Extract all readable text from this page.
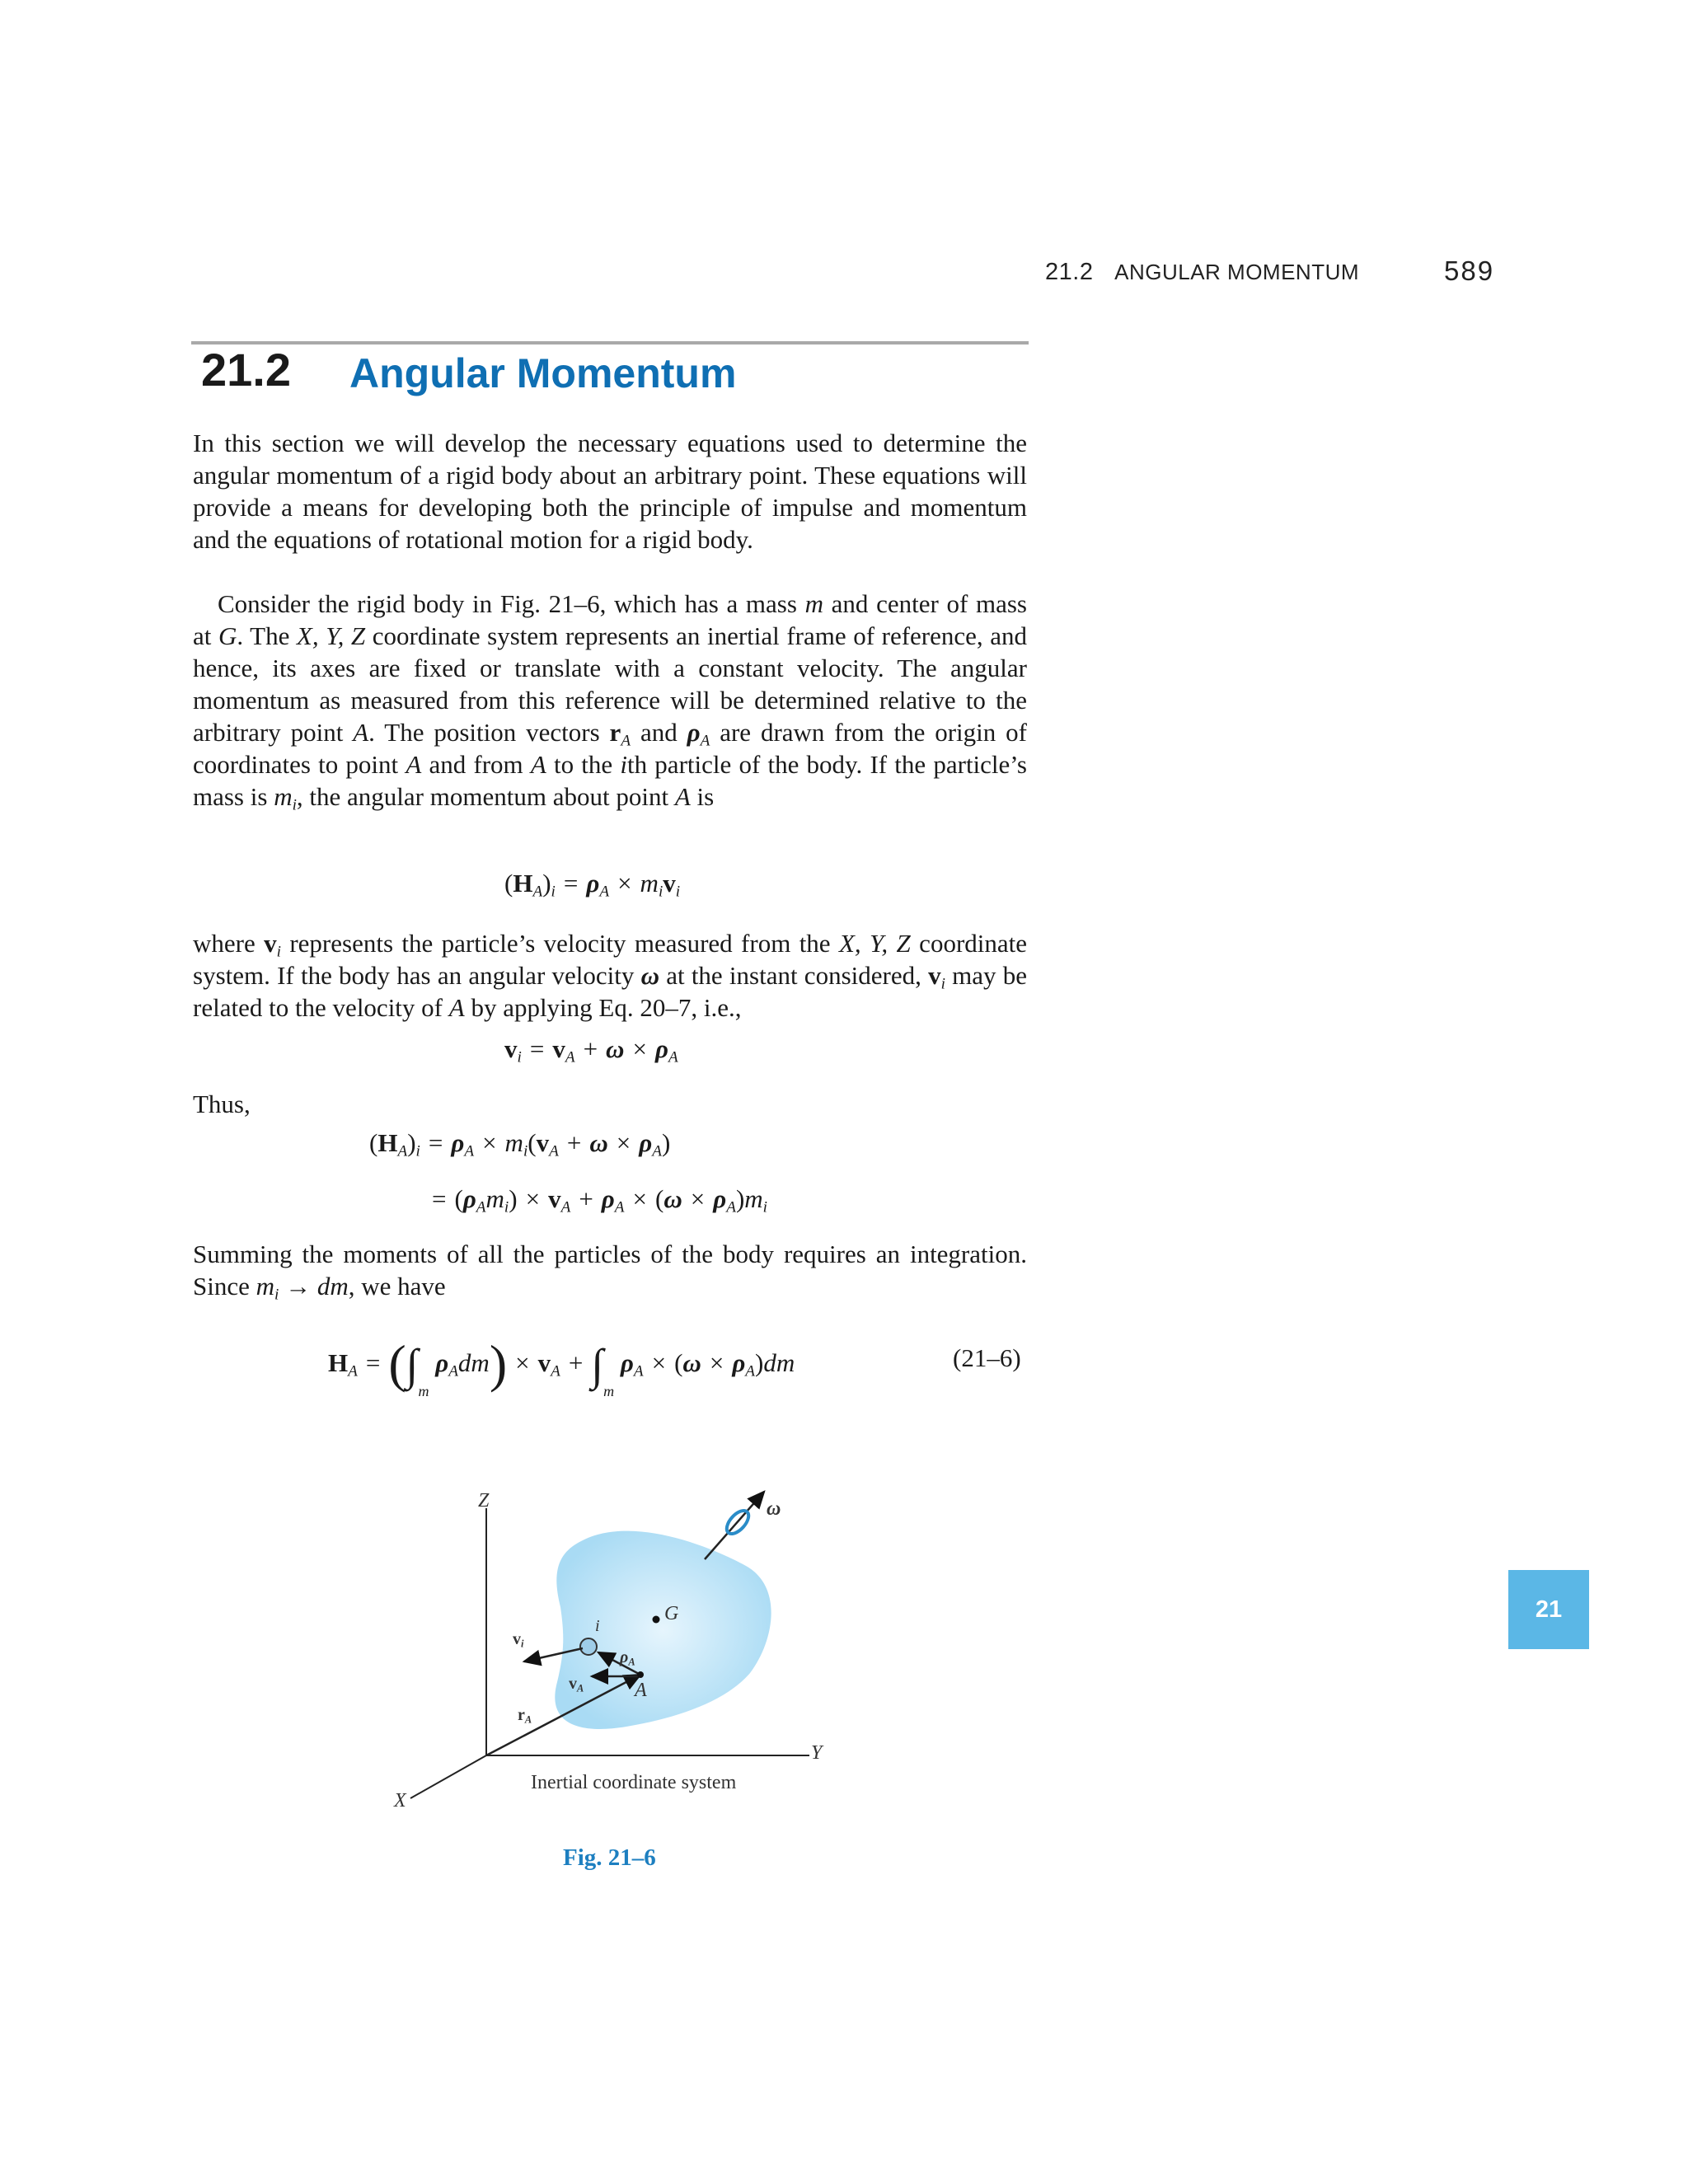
21.2 ANGULAR MOMENTUM	589
21.2 Angular Momentum
In this section we will develop the necessary equations used to determine the angular momentum of a rigid body about an arbitrary point. These equations will provide a means for developing both the principle of impulse and momentum and the equations of rotational motion for a rigid body.
Consider the rigid body in Fig. 21–6, which has a mass m and center of mass at G. The X, Y, Z coordinate system represents an inertial frame of reference, and hence, its axes are fixed or translate with a constant velocity. The angular momentum as measured from this reference will be determined relative to the arbitrary point A. The position vectors $r_A$ and $\rho_A$ are drawn from the origin of coordinates to point A and from A to the ith particle of the body. If the particle’s mass is $m_i$, the angular momentum about point A is
$(H_A)_i = \rho_A \times m_iv_i$
where $v_i$ represents the particle’s velocity measured from the X, Y, Z coordinate system. If the body has an angular velocity ω at the instant considered, $v_i$ may be related to the velocity of A by applying Eq. 20–7, i.e.,
$v_i = v_A + \omega \times \rho_A$
Thus,
$(H_A)_i = \rho_A \times m_i(v_A + \omega \times \rho_A)$
= $(\rho_Am_i) \times v_A + \rho_A \times (\omega \times \rho_A)m_i$
Summing the moments of all the particles of the body requires an integration. Since $m_i$ → dm, we have
$H_A = (\int_m$ $\rho_Adm) \times v_A + \int_m$ $\rho_A \times (\omega \times \rho_A)dm$	(21–6)
21
Z
Y
X
ω
G
i
A
$v_i$
$v_A$
$\rho_A$
$r_A$
Inertial coordinate system
Fig. 21–6
